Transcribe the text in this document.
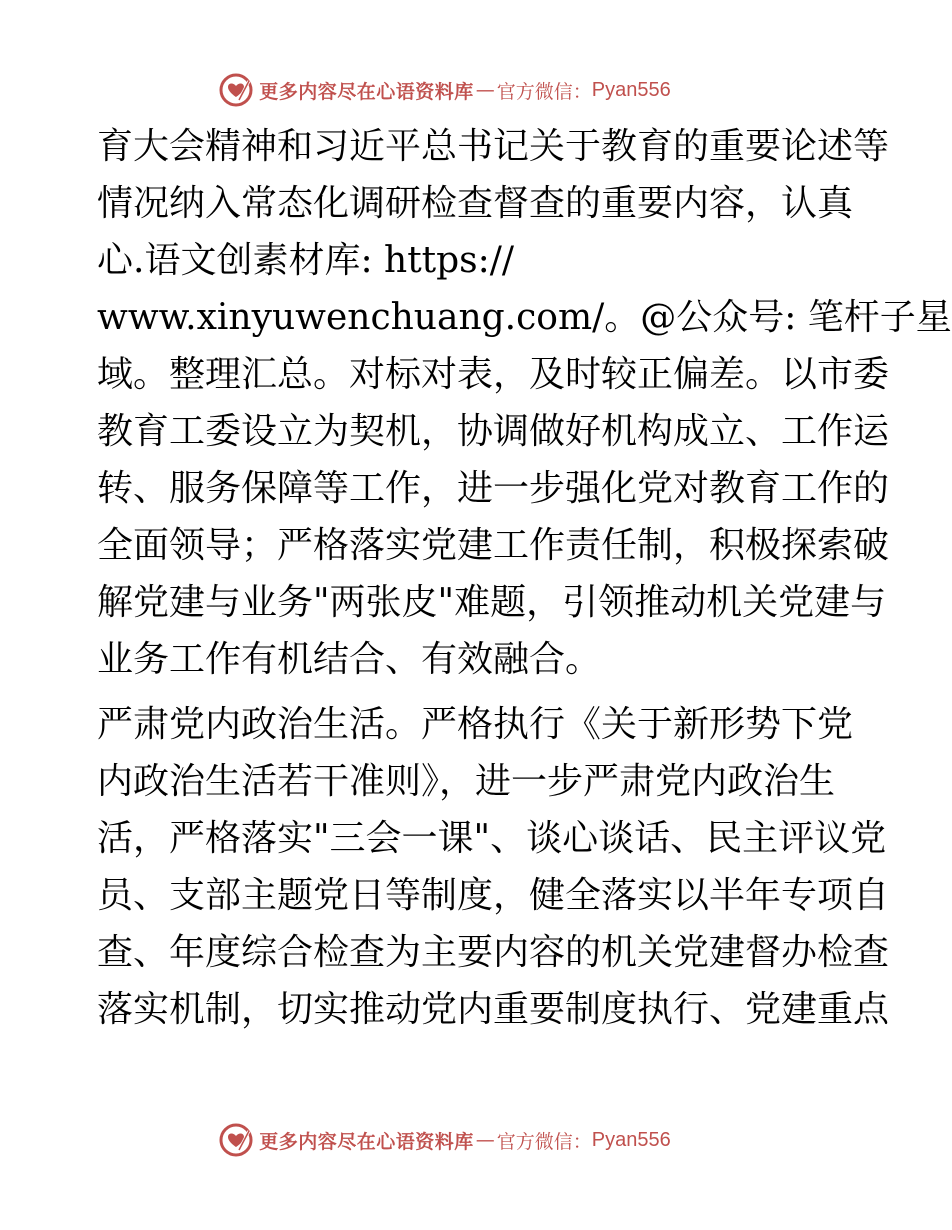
更多内容尽在心语资料库 — 官方微信： Pyan556
育大会精神和习近平总书记关于教育的重要论述等
情况纳入常态化调研检查督查的重要内容，认真
心.语文创素材库: https://
www.xinyuwenchuang.com/。@公众号: 笔杆子星
域。整理汇总。对标对表，及时较正偏差。以市委
教育工委设立为契机，协调做好机构成立、工作运
转、服务保障等工作，进一步强化党对教育工作的
全面领导；严格落实党建工作责任制，积极探索破
解党建与业务"两张皮"难题，引领推动机关党建与
业务工作有机结合、有效融合。
严肃党内政治生活。严格执行《关于新形势下党
内政治生活若干准则》，进一步严肃党内政治生
活，严格落实"三会一课"、谈心谈话、民主评议党
员、支部主题党日等制度，健全落实以半年专项自
查、年度综合检查为主要内容的机关党建督办检查
落实机制，切实推动党内重要制度执行、党建重点
更多内容尽在心语资料库 — 官方微信： Pyan556
